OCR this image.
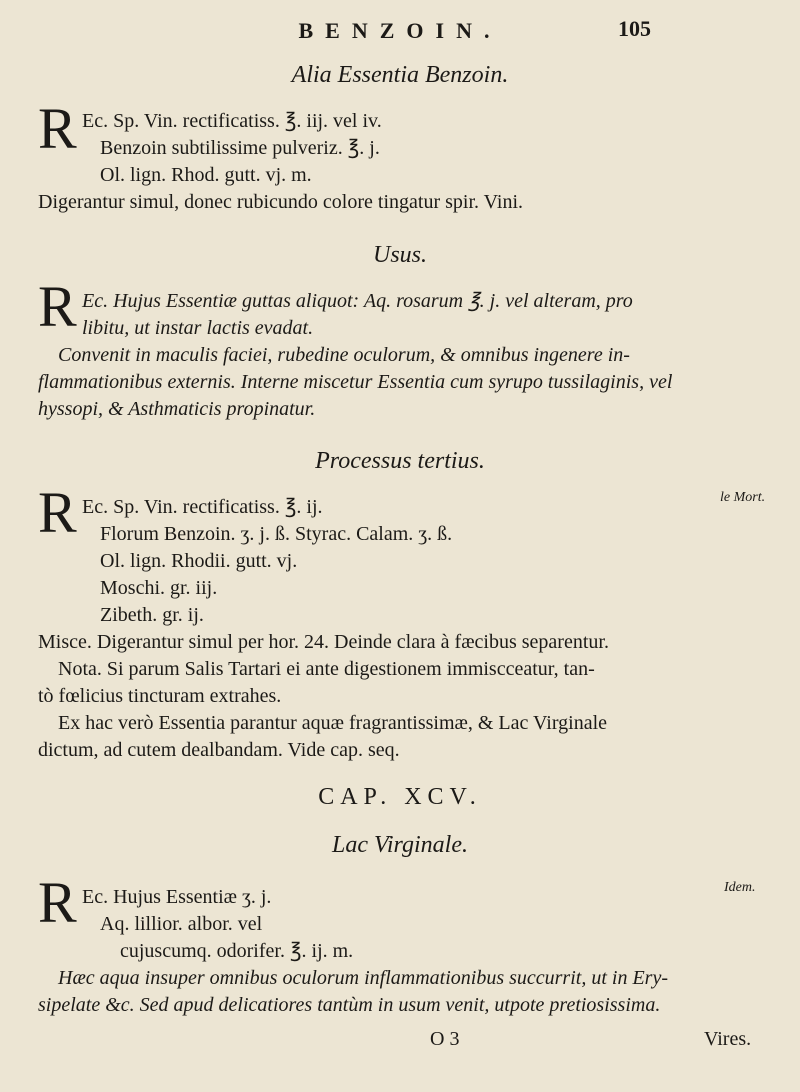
BENZOIN.	105
Alia Essentia Benzoin.
R Ec. Sp. Vin. rectificatiss. ℥. iij. vel iv.
Benzoin subtilissime pulveriz. ℥. j.
Ol. lign. Rhod. gutt. vj. m.
Digerantur simul, donec rubicundo colore tingatur spir. Vini.
Usus.
R Ec. Hujus Essentiæ guttas aliquot: Aq. rosarum ℥. j. vel alteram, pro
libitu, ut instar lactis evadat.
Convenit in maculis faciei, rubedine oculorum, & omnibus ingenere in-
flammationibus externis. Interne miscetur Essentia cum syrupo tussilaginis, vel
hyssopi, & Asthmaticis propinatur.
Processus tertius.
R	le Mort.
Ec. Sp. Vin. rectificatiss. ℥. ij.
Florum Benzoin. ʒ. j. ß. Styrac. Calam. ʒ. ß.
Ol. lign. Rhodii. gutt. vj.
Moschi. gr. iij.
Zibeth. gr. ij.
Misce. Digerantur simul per hor. 24. Deinde clara à fæcibus separentur.
Nota. Si parum Salis Tartari ei ante digestionem immiscceatur, tan-
tò fœlicius tincturam extrahes.
Ex hac verò Essentia parantur aquæ fragrantissimæ, & Lac Virginale
dictum, ad cutem dealbandam. Vide cap. seq.
CAP. XCV.
Lac Virginale.
R	Idem.
Ec. Hujus Essentiæ ʒ. j.
Aq. lillior. albor. vel
cujuscumq. odorifer. ℥. ij. m.
Hæc aqua insuper omnibus oculorum inflammationibus succurrit, ut in Ery-
sipelate &c. Sed apud delicatiores tantùm in usum venit, utpote pretiosissima.
O 3	Vires.
